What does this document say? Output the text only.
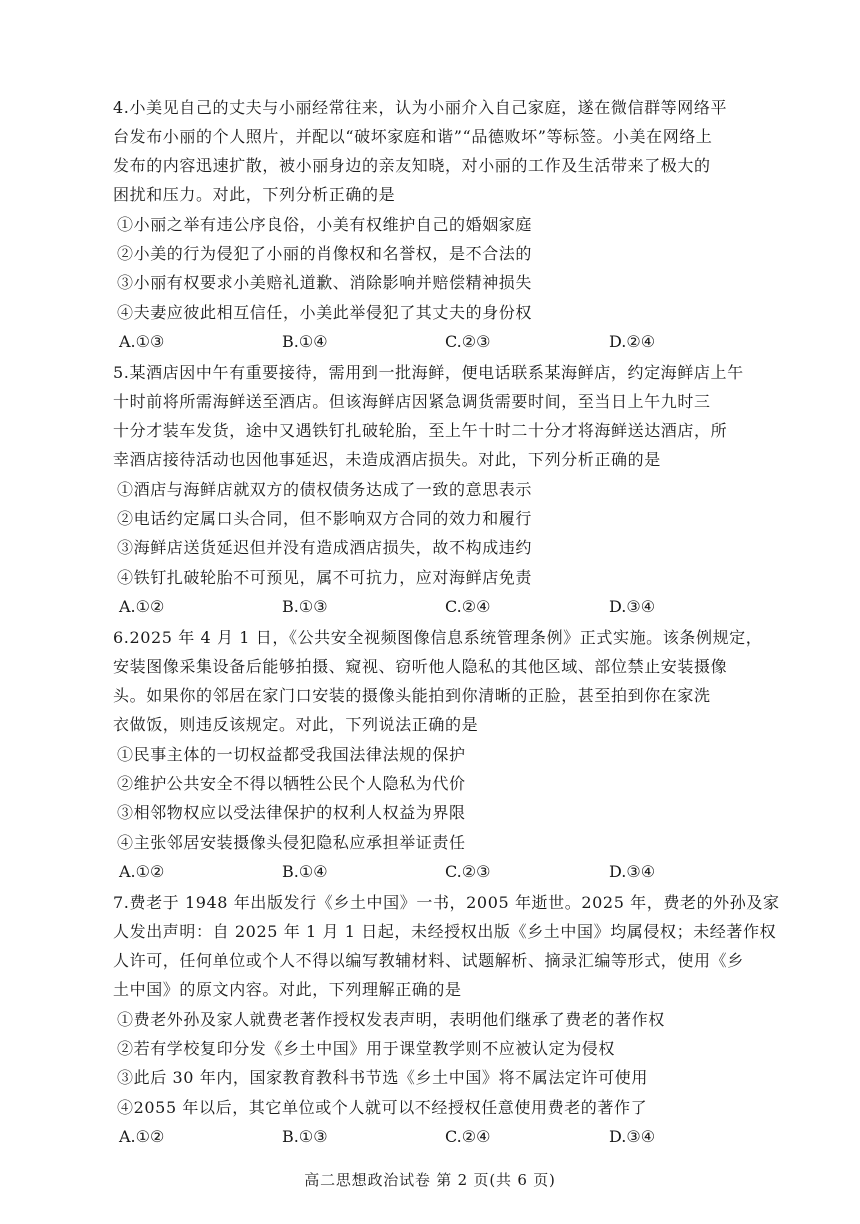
4.小美见自己的丈夫与小丽经常往来，认为小丽介入自己家庭，遂在微信群等网络平
台发布小丽的个人照片，并配以“破坏家庭和谐”“品德败坏”等标签。小美在网络上
发布的内容迅速扩散，被小丽身边的亲友知晓，对小丽的工作及生活带来了极大的
困扰和压力。对此，下列分析正确的是
①小丽之举有违公序良俗，小美有权维护自己的婚姻家庭
②小美的行为侵犯了小丽的肖像权和名誉权，是不合法的
③小丽有权要求小美赔礼道歉、消除影响并赔偿精神损失
④夫妻应彼此相互信任，小美此举侵犯了其丈夫的身份权
A.①③	B.①④	C.②③	D.②④
5.某酒店因中午有重要接待，需用到一批海鲜，便电话联系某海鲜店，约定海鲜店上午
十时前将所需海鲜送至酒店。但该海鲜店因紧急调货需要时间，至当日上午九时三
十分才装车发货，途中又遇铁钉扎破轮胎，至上午十时二十分才将海鲜送达酒店，所
幸酒店接待活动也因他事延迟，未造成酒店损失。对此，下列分析正确的是
①酒店与海鲜店就双方的债权债务达成了一致的意思表示
②电话约定属口头合同，但不影响双方合同的效力和履行
③海鲜店送货延迟但并没有造成酒店损失，故不构成违约
④铁钉扎破轮胎不可预见，属不可抗力，应对海鲜店免责
A.①②	B.①③	C.②④	D.③④
6.2025 年 4 月 1 日，《公共安全视频图像信息系统管理条例》正式实施。该条例规定，
安装图像采集设备后能够拍摄、窥视、窃听他人隐私的其他区域、部位禁止安装摄像
头。如果你的邻居在家门口安装的摄像头能拍到你清晰的正脸，甚至拍到你在家洗
衣做饭，则违反该规定。对此，下列说法正确的是
①民事主体的一切权益都受我国法律法规的保护
②维护公共安全不得以牺牲公民个人隐私为代价
③相邻物权应以受法律保护的权利人权益为界限
④主张邻居安装摄像头侵犯隐私应承担举证责任
A.①②	B.①④	C.②③	D.③④
7.费老于 1948 年出版发行《乡土中国》一书，2005 年逝世。2025 年，费老的外孙及家
人发出声明：自 2025 年 1 月 1 日起，未经授权出版《乡土中国》均属侵权；未经著作权
人许可，任何单位或个人不得以编写教辅材料、试题解析、摘录汇编等形式，使用《乡
土中国》的原文内容。对此，下列理解正确的是
①费老外孙及家人就费老著作授权发表声明，表明他们继承了费老的著作权
②若有学校复印分发《乡土中国》用于课堂教学则不应被认定为侵权
③此后 30 年内，国家教育教科书节选《乡土中国》将不属法定许可使用
④2055 年以后，其它单位或个人就可以不经授权任意使用费老的著作了
A.①②	B.①③	C.②④	D.③④
高二思想政治试卷 第 2 页(共 6 页)
